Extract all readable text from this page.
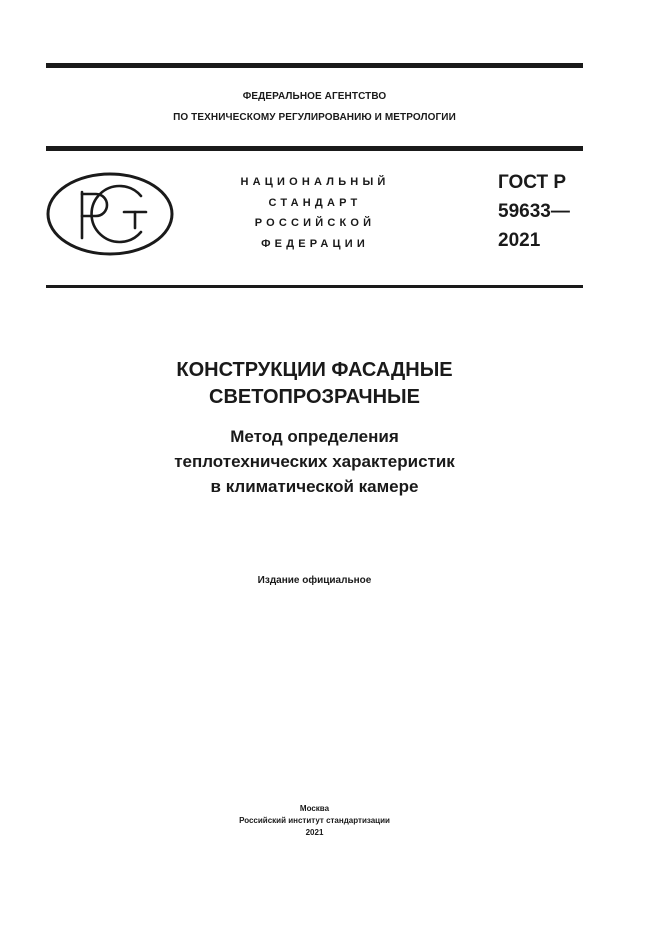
ФЕДЕРАЛЬНОЕ АГЕНТСТВО
ПО ТЕХНИЧЕСКОМУ РЕГУЛИРОВАНИЮ И МЕТРОЛОГИИ
НАЦИОНАЛЬНЫЙ
СТАНДАРТ
РОССИЙСКОЙ
ФЕДЕРАЦИИ
ГОСТ Р
59633—
2021
КОНСТРУКЦИИ ФАСАДНЫЕ
СВЕТОПРОЗРАЧНЫЕ
Метод определения
теплотехнических характеристик
в климатической камере
Издание официальное
Москва
Российский институт стандартизации
2021
